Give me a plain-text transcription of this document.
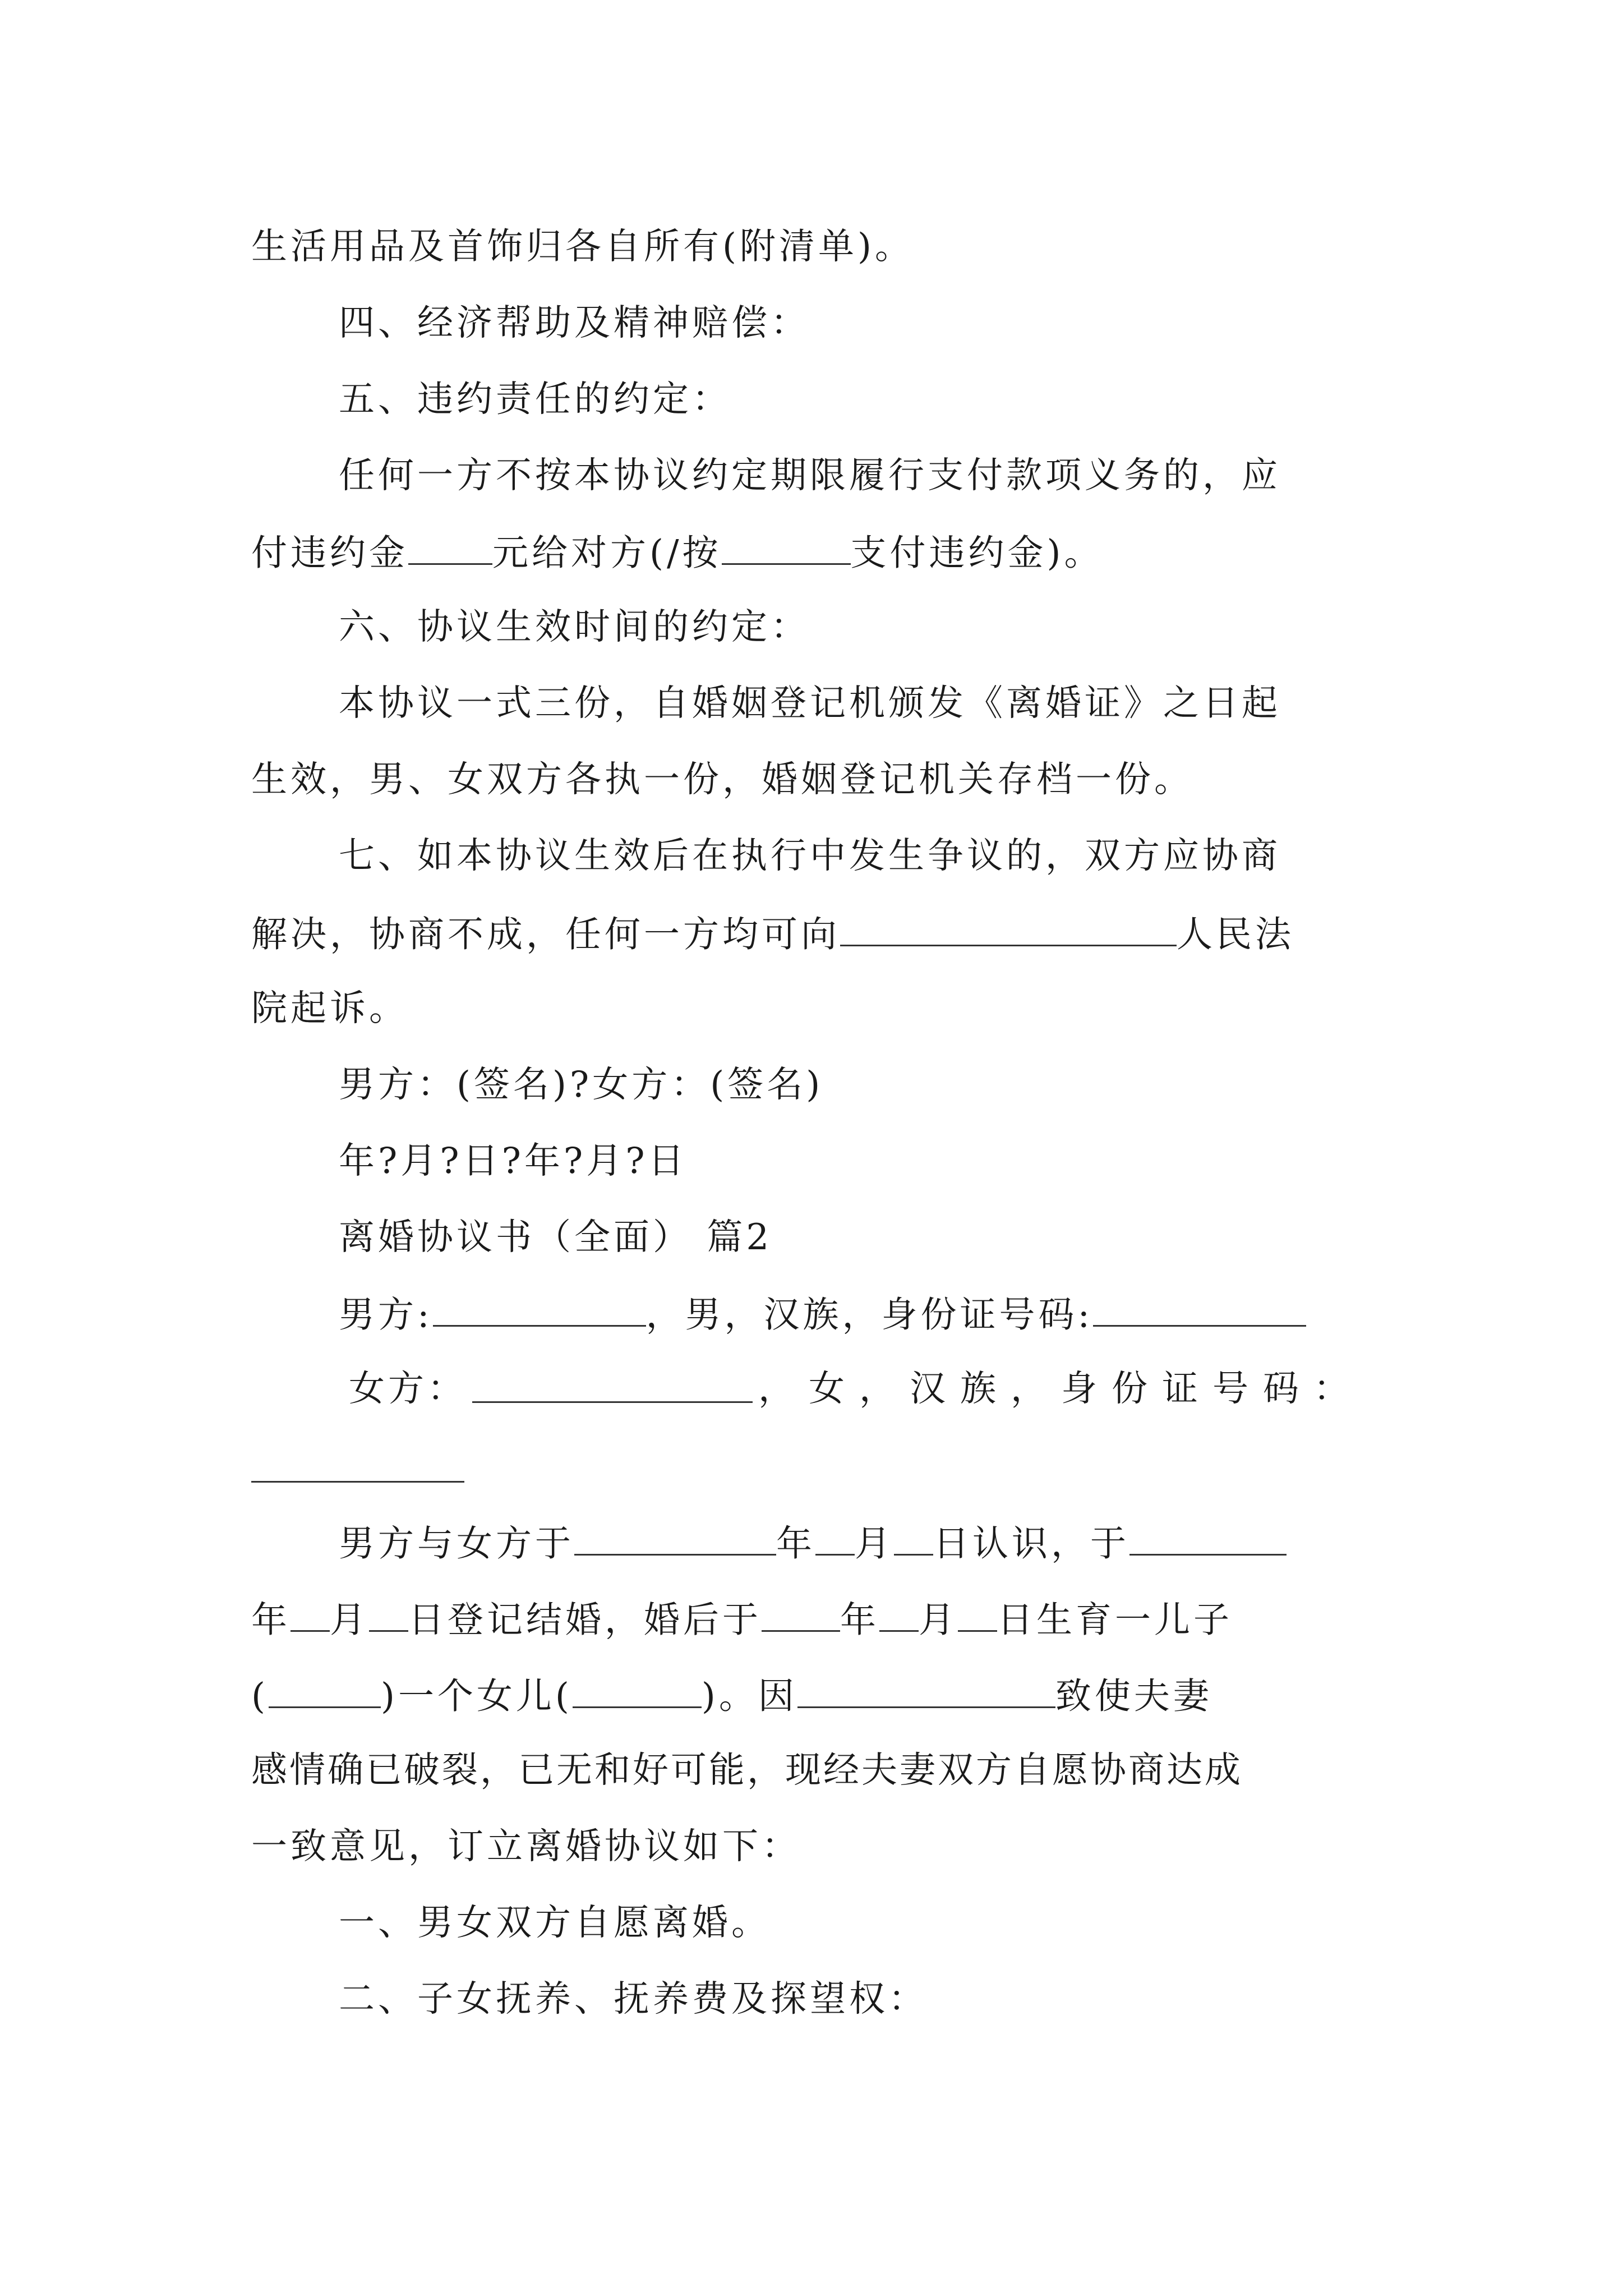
生活用品及首饰归各自所有(附清单)。
四、经济帮助及精神赔偿：
五、违约责任的约定：
任何一方不按本协议约定期限履行支付款项义务的，应
付违约金 元给对方(/按	支付违约金)。
六、协议生效时间的约定：
本协议一式三份，自婚姻登记机颁发《离婚证》之日起
生效，男、女双方各执一份，婚姻登记机关存档一份。
七、如本协议生效后在执行中发生争议的，双方应协商
解决，协商不成，任何一方均可向	人民法
院起诉。
男方：(签名)?女方：(签名)
年?月?日?年?月?日
离婚协议书（全面） 篇2
男方:	，男，汉族，身份证号码:
女方：	，女，汉族，身份证号码：
男方与女方于	年 月 日认识，于
年 月 日登记结婚，婚后于 年 月 日生育一儿子
(	)一个女儿(	)。因	致使夫妻
感情确已破裂，已无和好可能，现经夫妻双方自愿协商达成
一致意见，订立离婚协议如下：
一、男女双方自愿离婚。
二、子女抚养、抚养费及探望权：
